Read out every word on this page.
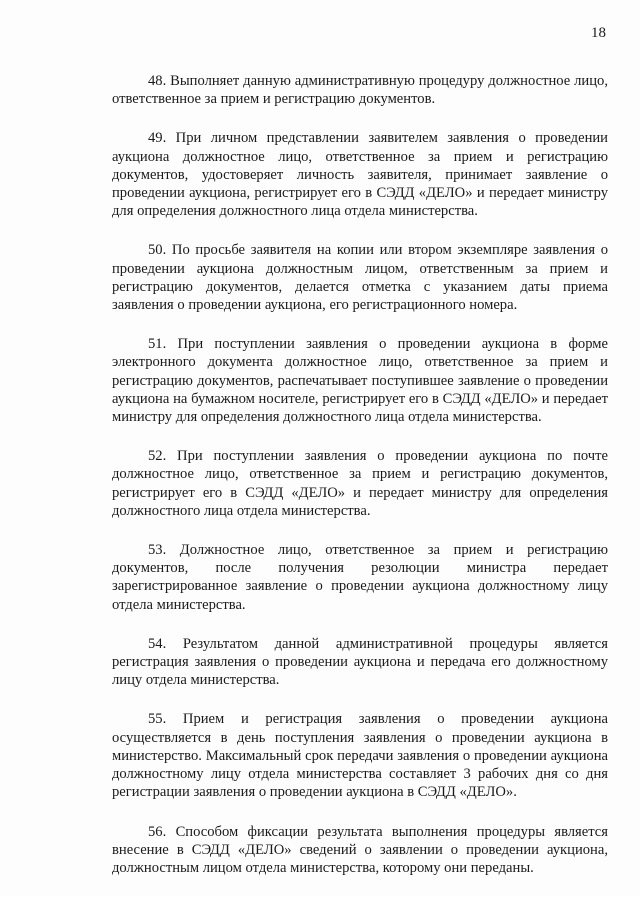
18

48. Выполняет данную административную процедуру должностное лицо, ответственное за прием и регистрацию документов.

49. При личном представлении заявителем заявления о проведении аукциона должностное лицо, ответственное за прием и регистрацию документов, удостоверяет личность заявителя, принимает заявление о проведении аукциона, регистрирует его в СЭДД «ДЕЛО» и передает министру для определения должностного лица отдела министерства.

50. По просьбе заявителя на копии или втором экземпляре заявления о проведении аукциона должностным лицом, ответственным за прием и регистрацию документов, делается отметка с указанием даты приема заявления о проведении аукциона, его регистрационного номера.

51. При поступлении заявления о проведении аукциона в форме электронного документа должностное лицо, ответственное за прием и регистрацию документов, распечатывает поступившее заявление о проведении аукциона на бумажном носителе, регистрирует его в СЭДД «ДЕЛО» и передает министру для определения должностного лица отдела министерства.

52. При поступлении заявления о проведении аукциона по почте должностное лицо, ответственное за прием и регистрацию документов, регистрирует его в СЭДД «ДЕЛО» и передает министру для определения должностного лица отдела министерства.

53. Должностное лицо, ответственное за прием и регистрацию документов, после получения резолюции министра передает зарегистрированное заявление о проведении аукциона должностному лицу отдела министерства.

54. Результатом данной административной процедуры является регистрация заявления о проведении аукциона и передача его должностному лицу отдела министерства.

55. Прием и регистрация заявления о проведении аукциона осуществляется в день поступления заявления о проведении аукциона в министерство. Максимальный срок передачи заявления о проведении аукциона должностному лицу отдела министерства составляет 3 рабочих дня со дня регистрации заявления о проведении аукциона в СЭДД «ДЕЛО».

56. Способом фиксации результата выполнения процедуры является внесение в СЭДД «ДЕЛО» сведений о заявлении о проведении аукциона, должностным лицом отдела министерства, которому они переданы.
